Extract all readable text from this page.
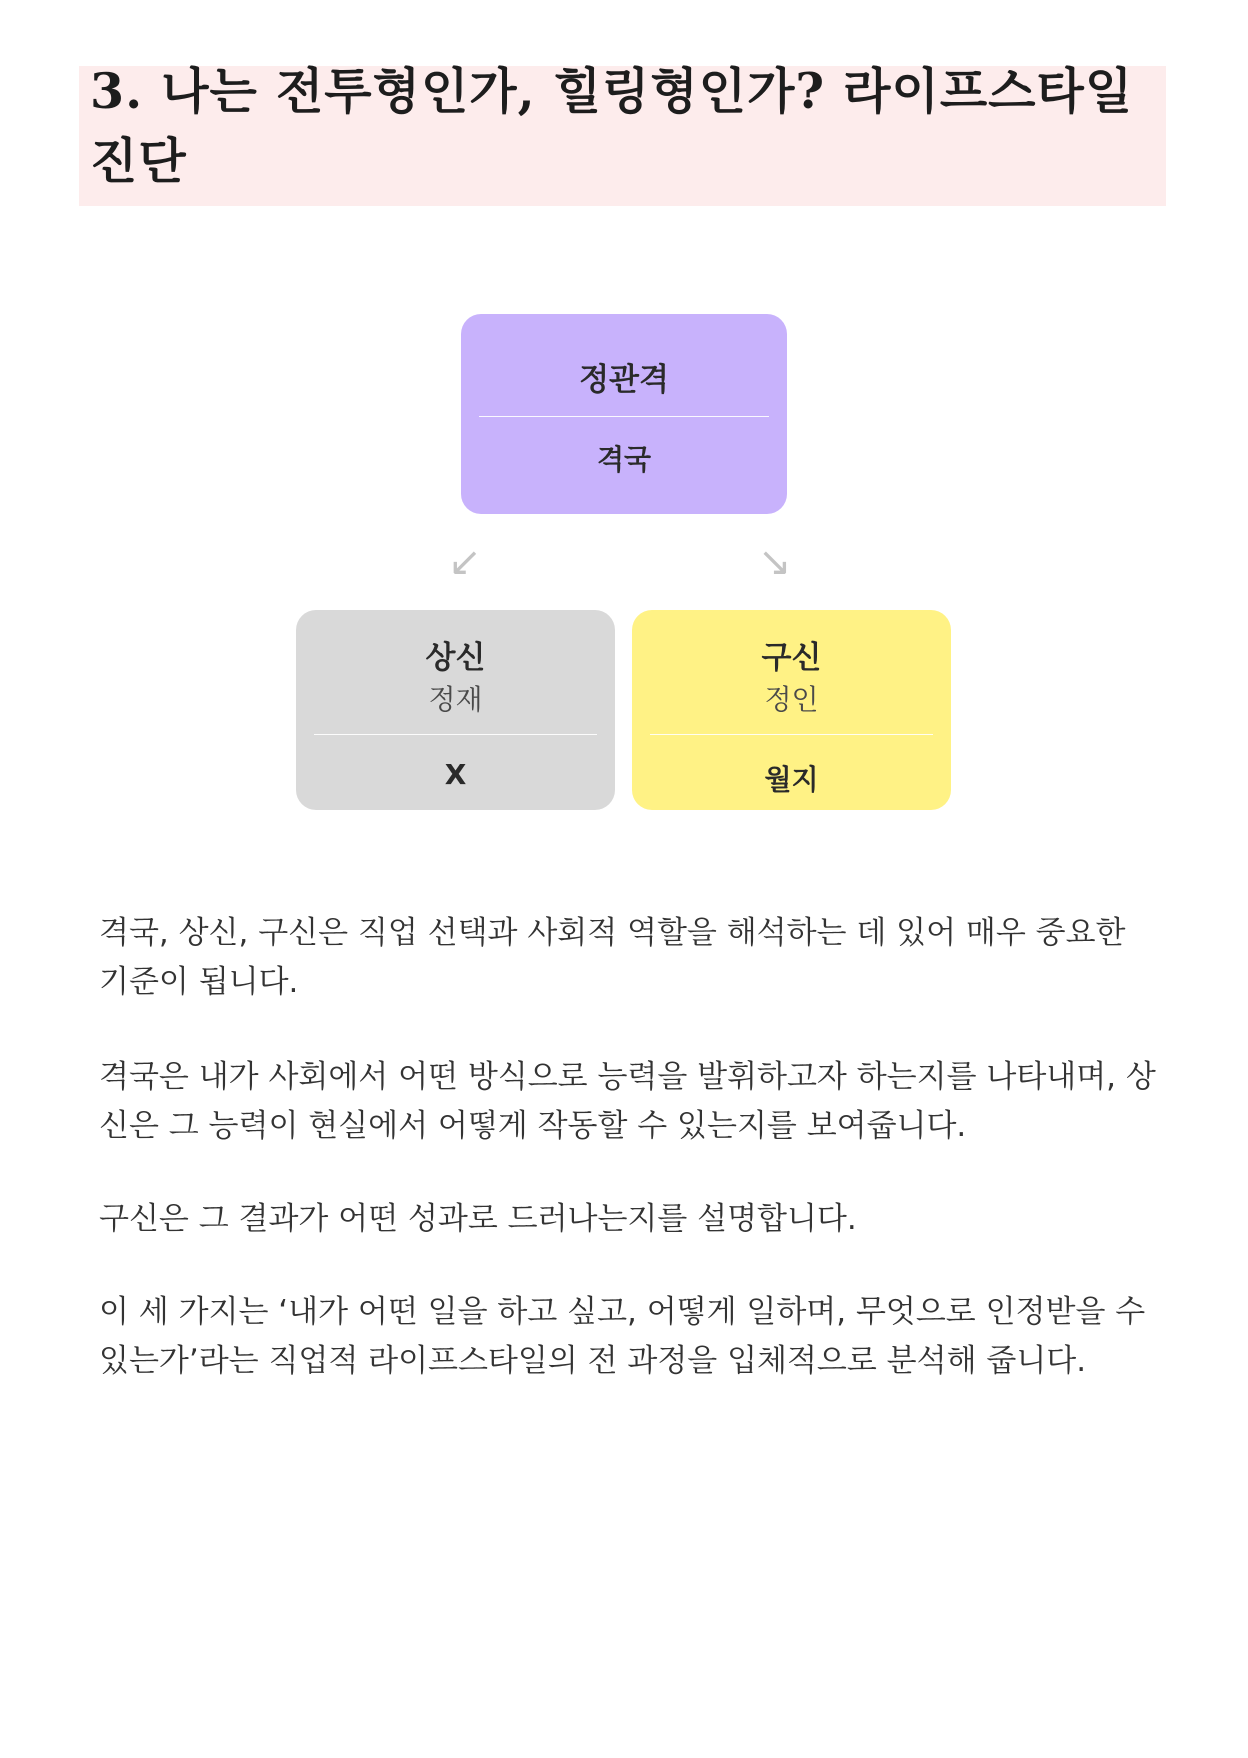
3. 나는 전투형인가, 힐링형인가? 라이프스타일 진단
정관격
격국
↙	↘
상신
정재
X
구신
정인
월지

격국, 상신, 구신은 직업 선택과 사회적 역할을 해석하는 데 있어 매우 중요한 기준이 됩니다.

격국은 내가 사회에서 어떤 방식으로 능력을 발휘하고자 하는지를 나타내며, 상신은 그 능력이 현실에서 어떻게 작동할 수 있는지를 보여줍니다.

구신은 그 결과가 어떤 성과로 드러나는지를 설명합니다.

이 세 가지는 ‘내가 어떤 일을 하고 싶고, 어떻게 일하며, 무엇으로 인정받을 수 있는가’라는 직업적 라이프스타일의 전 과정을 입체적으로 분석해 줍니다.
